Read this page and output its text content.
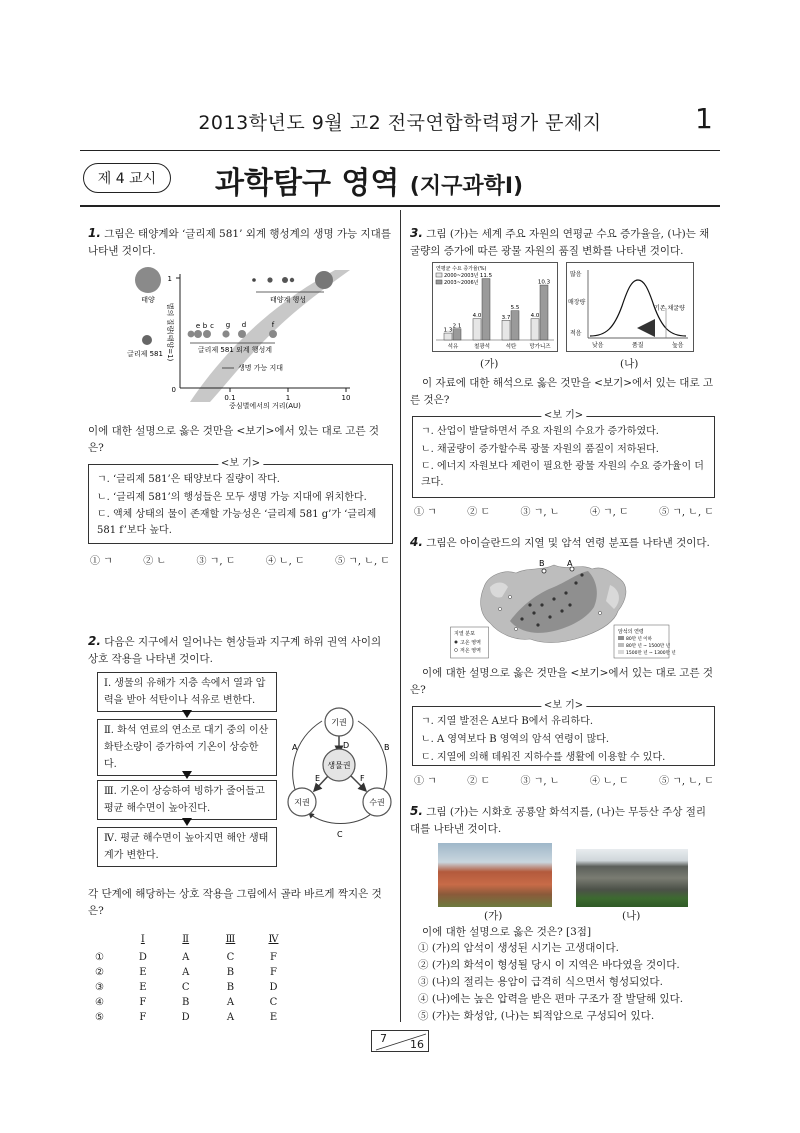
2013학년도 9월 고2 전국연합학력평가 문제지	1
제 4 교시	과학탐구 영역 (지구과학Ⅰ)
1. 그림은 태양계와 ‘글리제 581’ 외계 행성계의 생명 가능 지대를 나타낸 것이다.
1
0
0.1	1	10
중심별에서의 거리(AU)
별의 질량(태양=1)
태양
글리제 581
태양계 행성
e b c g d	f
글리제 581 외계 행성계
생명 가능 지대
이에 대한 설명으로 옳은 것만을 <보기>에서 있는 대로 고른 것은?
<보 기>
ㄱ. ‘글리제 581’은 태양보다 질량이 작다.
ㄴ. ‘글리제 581’의 행성들은 모두 생명 가능 지대에 위치한다.
ㄷ. 액체 상태의 물이 존재할 가능성은 ‘글리제 581 g’가 ‘글리제 581 f’보다 높다.
① ㄱ	② ㄴ	③ ㄱ, ㄷ	④ ㄴ, ㄷ	⑤ ㄱ, ㄴ, ㄷ
2. 다음은 지구에서 일어나는 현상들과 지구계 하위 권역 사이의 상호 작용을 나타낸 것이다.
Ⅰ. 생물의 유해가 지층 속에서 열과 압력을 받아 석탄이나 석유로 변한다.
Ⅱ. 화석 연료의 연소로 대기 중의 이산화탄소량이 증가하여 기온이 상승한다.
Ⅲ. 기온이 상승하여 빙하가 줄어들고 평균 해수면이 높아진다.
Ⅳ. 평균 해수면이 높아지면 해안 생태계가 변한다.
기권
생물권
지권	수권
A	B
C
D
E	F
각 단계에 해당하는 상호 작용을 그림에서 골라 바르게 짝지은 것은?
	Ⅰ	Ⅱ	Ⅲ	Ⅳ
①	D	A	C	F
②	E	A	B	F
③	E	C	B	D
④	F	B	A	C
⑤	F	D	A	E
3. 그림 (가)는 세계 주요 자원의 연평균 수요 증가율을, (나)는 채굴량의 증가에 따른 광물 자원의 품질 변화를 나타낸 것이다.
연평균 수요 증가율(%)
2000~2003년
2003~2006년
1.3
4.0	3.7	4.0
2.1
11.5
5.5
10.3
석유	철광석	석탄 망가니즈
많음
매장량
적음
낮음	품질	높음
기존 채굴량
(가)	(나)
이 자료에 대한 해석으로 옳은 것만을 <보기>에서 있는 대로 고른 것은?
<보 기>
ㄱ. 산업이 발달하면서 주요 자원의 수요가 증가하였다.
ㄴ. 채굴량이 증가할수록 광물 자원의 품질이 저하된다.
ㄷ. 에너지 자원보다 제련이 필요한 광물 자원의 수요 증가율이 더 크다.
① ㄱ	② ㄷ	③ ㄱ, ㄴ	④ ㄱ, ㄷ	⑤ ㄱ, ㄴ, ㄷ
4. 그림은 아이슬란드의 지열 및 암석 연령 분포를 나타낸 것이다.
B	A
지열 분포
고온 영역
저온 영역
암석의 연령
80만 년 이하
80만 년 ~ 1500만 년
1500만 년 ~ 1300만 년
이에 대한 설명으로 옳은 것만을 <보기>에서 있는 대로 고른 것은?
<보 기>
ㄱ. 지열 발전은 A보다 B에서 유리하다.
ㄴ. A 영역보다 B 영역의 암석 연령이 많다.
ㄷ. 지열에 의해 데워진 지하수를 생활에 이용할 수 있다.
① ㄱ	② ㄷ	③ ㄱ, ㄴ	④ ㄴ, ㄷ	⑤ ㄱ, ㄴ, ㄷ
5. 그림 (가)는 시화호 공룡알 화석지를, (나)는 무등산 주상 절리대를 나타낸 것이다.
(가)	(나)
이에 대한 설명으로 옳은 것은? [3점]
① (가)의 암석이 생성된 시기는 고생대이다.
② (가)의 화석이 형성될 당시 이 지역은 바다였을 것이다.
③ (나)의 절리는 용암이 급격히 식으면서 형성되었다.
④ (나)에는 높은 압력을 받은 편마 구조가 잘 발달해 있다.
⑤ (가)는 화성암, (나)는 퇴적암으로 구성되어 있다.
7 16
